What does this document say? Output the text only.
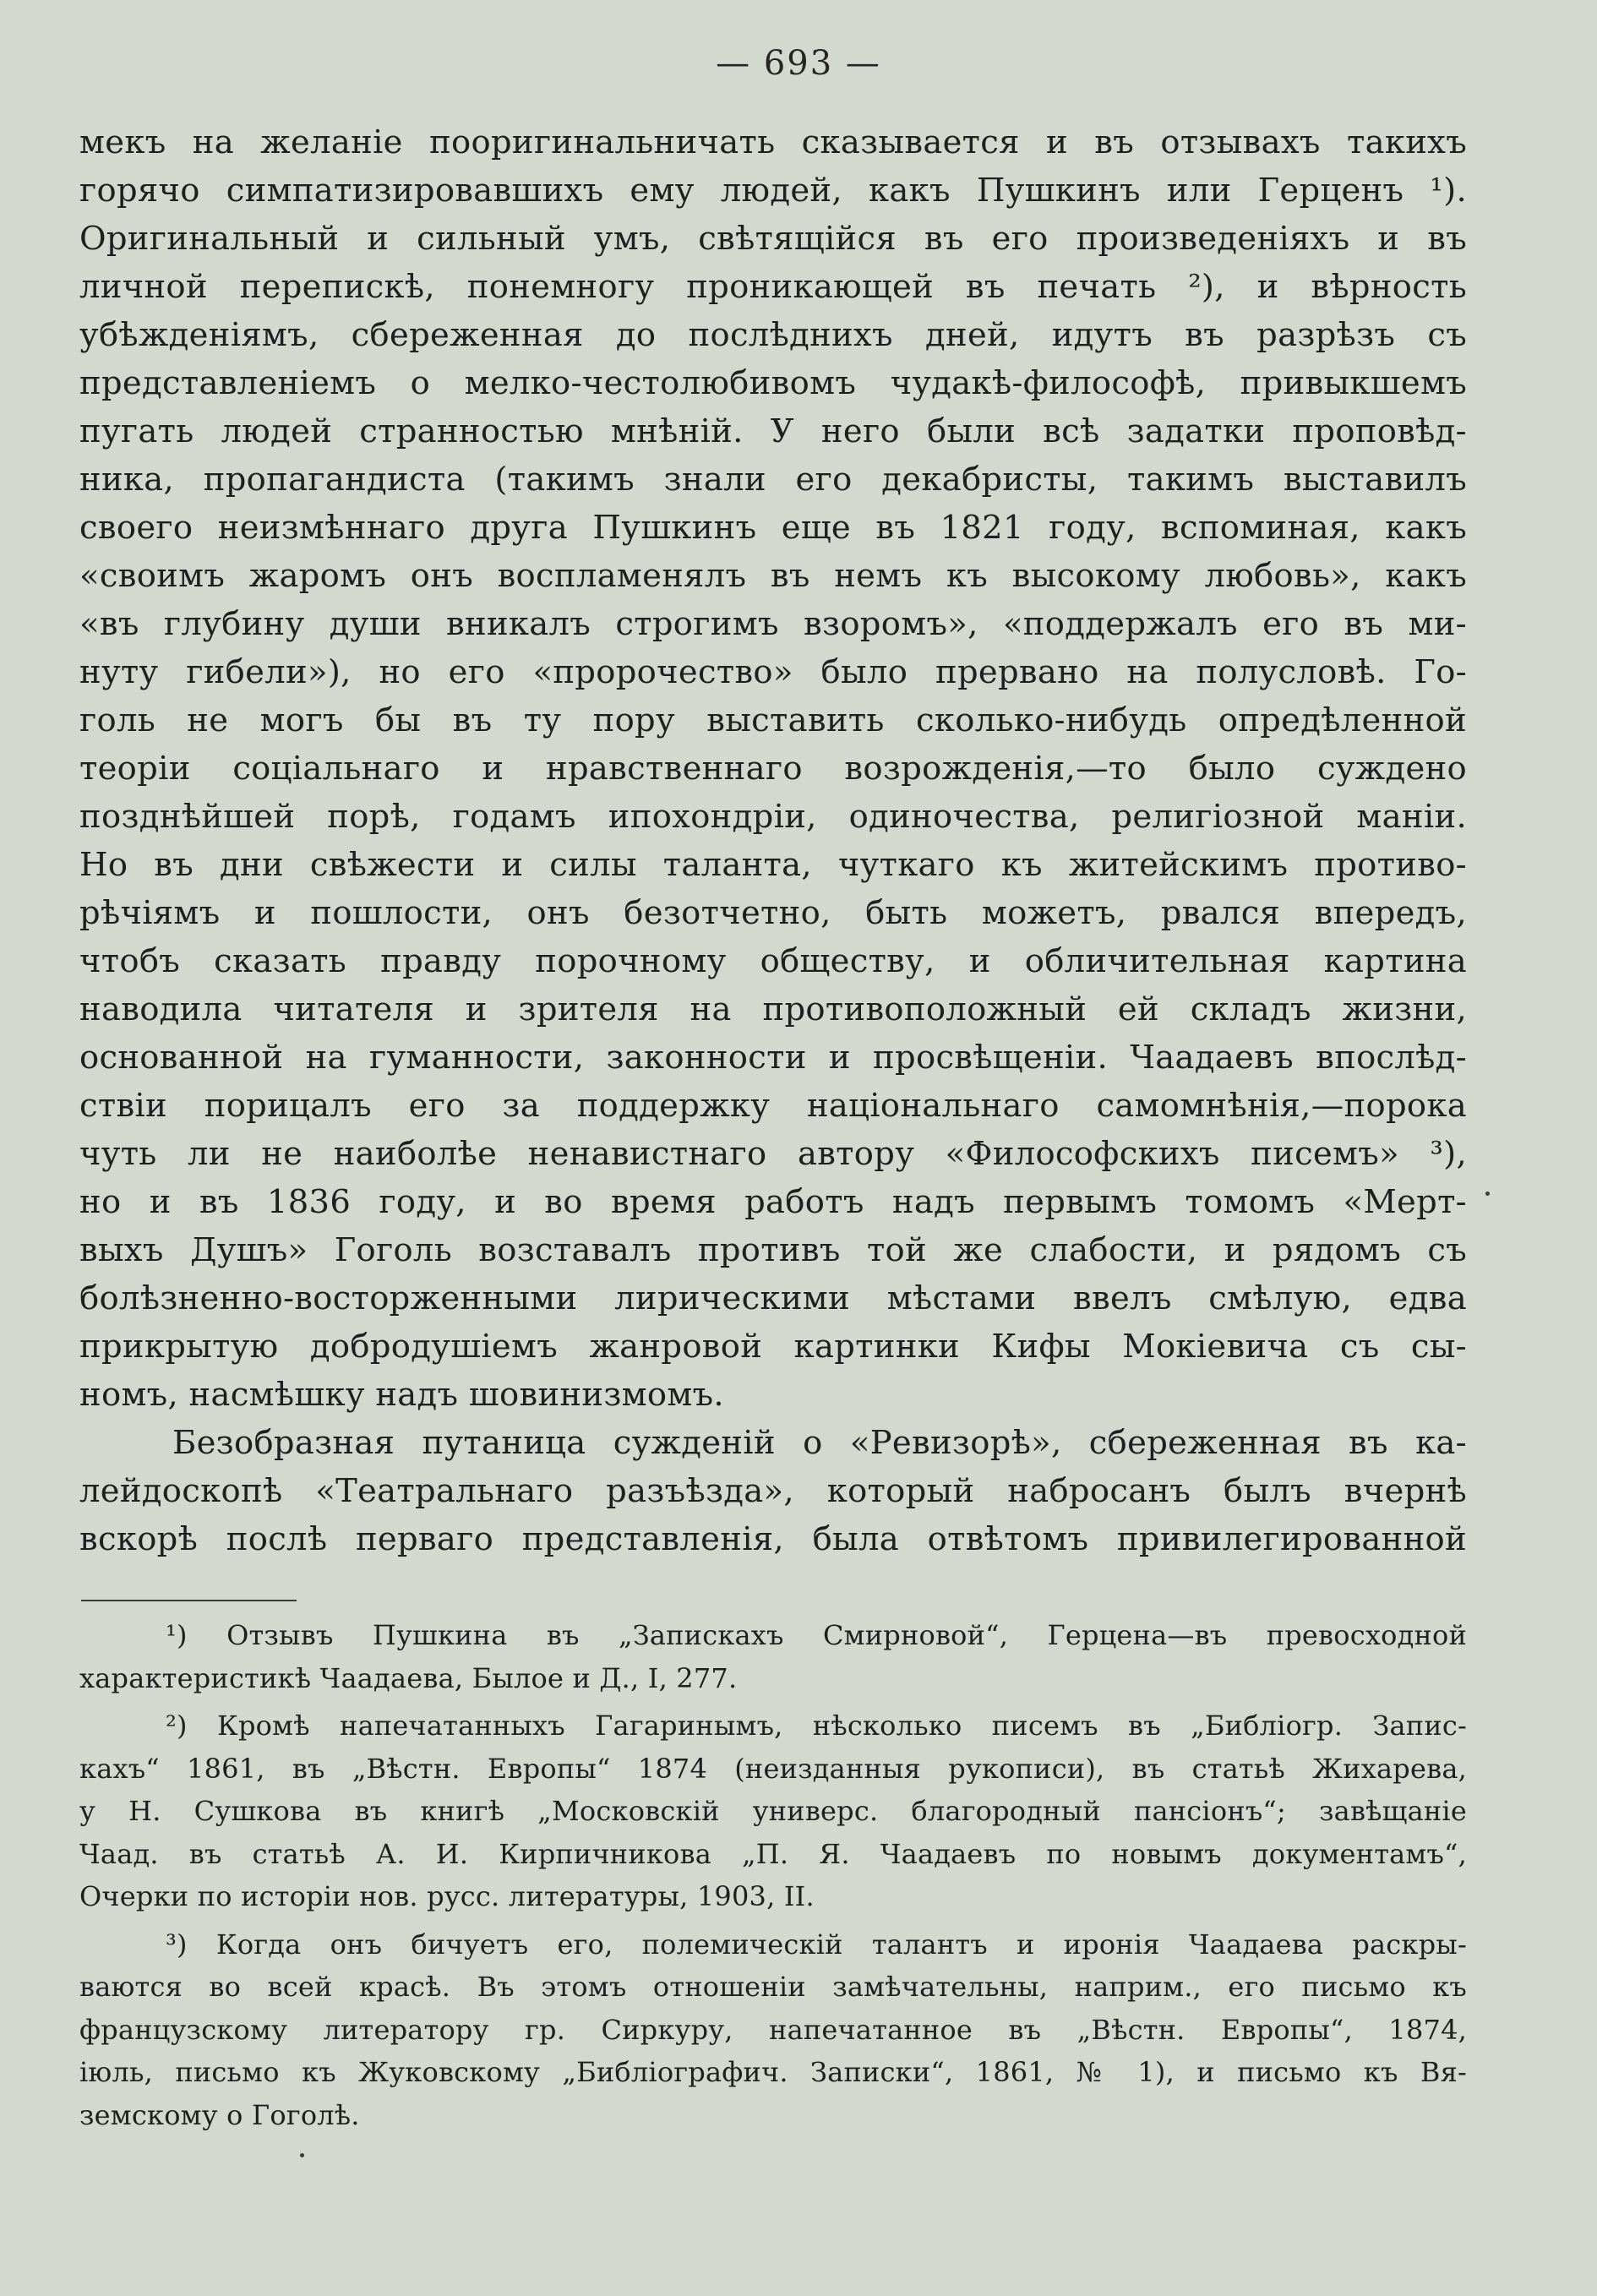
— 693 —
мекъ на желаніе пооригинальничать сказывается и въ отзывахъ такихъ
горячо симпатизировавшихъ ему людей, какъ Пушкинъ или Герценъ ¹).
Оригинальный и сильный умъ, свѣтящійся въ его произведеніяхъ и въ
личной перепискѣ, понемногу проникающей въ печать ²), и вѣрность
убѣжденіямъ, сбереженная до послѣднихъ дней, идутъ въ разрѣзъ съ
представленіемъ о мелко-честолюбивомъ чудакѣ-философѣ, привыкшемъ
пугать людей странностью мнѣній. У него были всѣ задатки проповѣд-
ника, пропагандиста (такимъ знали его декабристы, такимъ выставилъ
своего неизмѣннаго друга Пушкинъ еще въ 1821 году, вспоминая, какъ
«своимъ жаромъ онъ воспламенялъ въ немъ къ высокому любовь», какъ
«въ глубину души вникалъ строгимъ взоромъ», «поддержалъ его въ ми-
нуту гибели»), но его «пророчество» было прервано на полусловѣ. Го-
голь не могъ бы въ ту пору выставить сколько-нибудь опредѣленной
теоріи соціальнаго и нравственнаго возрожденія,—то было суждено
позднѣйшей порѣ, годамъ ипохондріи, одиночества, религіозной маніи.
Но въ дни свѣжести и силы таланта, чуткаго къ житейскимъ противо-
рѣчіямъ и пошлости, онъ безотчетно, быть можетъ, рвался впередъ,
чтобъ сказать правду порочному обществу, и обличительная картина
наводила читателя и зрителя на противоположный ей складъ жизни,
основанной на гуманности, законности и просвѣщеніи. Чаадаевъ впослѣд-
ствіи порицалъ его за поддержку національнаго самомнѣнія,—порока
чуть ли не наиболѣе ненавистнаго автору «Философскихъ писемъ» ³),
но и въ 1836 году, и во время работъ надъ первымъ томомъ «Мерт-
выхъ Душъ» Гоголь возставалъ противъ той же слабости, и рядомъ съ
болѣзненно-восторженными лирическими мѣстами ввелъ смѣлую, едва
прикрытую добродушіемъ жанровой картинки Кифы Мокіевича съ сы-
номъ, насмѣшку надъ шовинизмомъ.
Безобразная путаница сужденій о «Ревизорѣ», сбереженная въ ка-
лейдоскопѣ «Театральнаго разъѣзда», который набросанъ былъ вчернѣ
вскорѣ послѣ перваго представленія, была отвѣтомъ привилегированной
¹) Отзывъ Пушкина въ „Запискахъ Смирновой“, Герцена—въ превосходной
характеристикѣ Чаадаева, Былое и Д., I, 277.
²) Кромѣ напечатанныхъ Гагаринымъ, нѣсколько писемъ въ „Библіогр. Запис-
кахъ“ 1861, въ „Вѣстн. Европы“ 1874 (неизданныя рукописи), въ статьѣ Жихарева,
у Н. Сушкова въ книгѣ „Московскій универс. благородный пансіонъ“; завѣщаніе
Чаад. въ статьѣ А. И. Кирпичникова „П. Я. Чаадаевъ по новымъ документамъ“,
Очерки по исторіи нов. русс. литературы, 1903, II.
³) Когда онъ бичуетъ его, полемическій талантъ и иронія Чаадаева раскры-
ваются во всей красѣ. Въ этомъ отношеніи замѣчательны, наприм., его письмо къ
французскому литератору гр. Сиркуру, напечатанное въ „Вѣстн. Европы“, 1874,
іюль, письмо къ Жуковскому „Библіографич. Записки“, 1861, № 1), и письмо къ Вя-
земскому о Гоголѣ.
